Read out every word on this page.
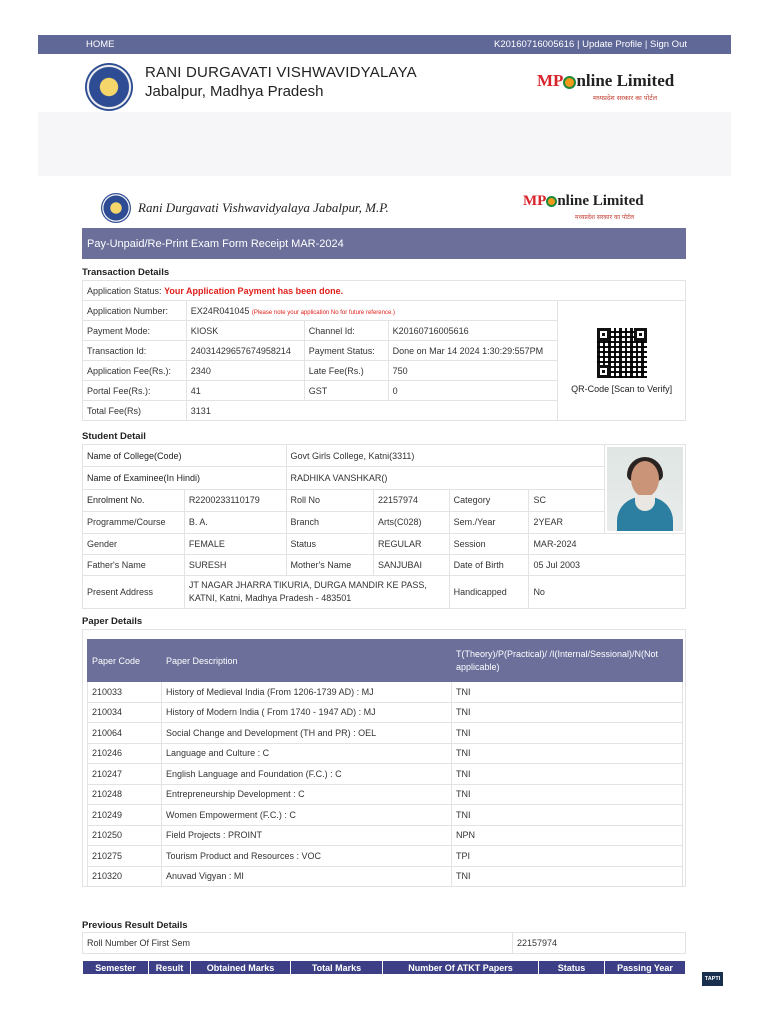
HOME	K20160716005616 | Update Profile | Sign Out
RANI DURGAVATI VISHWAVIDYALAYA
Jabalpur, Madhya Pradesh
MP nline Limited
मध्यप्रदेश सरकार का पोर्टल
Rani Durgavati Vishwavidyalaya Jabalpur, M.P.	MP nline Limited
मध्यप्रदेश सरकार का पोर्टल
Pay-Unpaid/Re-Print Exam Form Receipt MAR-2024
Transaction Details
Application Status: Your Application Payment has been done.				
Application Number:	EX24R041045 (Please note your application No for future reference.)			QR-Code [Scan to Verify]

Payment Mode:	KIOSK	Channel Id:	K20160716005616	
Transaction Id:	24031429657674958214	Payment Status:	Done on Mar 14 2024 1:30:29:557PM	
Application Fee(Rs.):	2340	Late Fee(Rs.)	750	
Portal Fee(Rs.):	41	GST	0	
Total Fee(Rs)	3131			
Student Detail
Name of College(Code)		Govt Girls College, Katni(3311)				

Name of Examinee(In Hindi)		RADHIKA VANSHKAR()				
Enrolment No.	R2200233110179	Roll No	22157974	Category	SC	
Programme/Course	B. A.	Branch	Arts(C028)	Sem./Year	2YEAR	
Gender	FEMALE	Status	REGULAR	Session	MAR-2024	
Father's Name	SURESH	Mother's Name	SANJUBAI	Date of Birth	05 Jul 2003	
Present Address	JT NAGAR JHARRA TIKURIA, DURGA MANDIR KE PASS, KATNI, Katni, Madhya Pradesh - 483501			Handicapped	No	
Paper Details
Paper Code	Paper Description	T(Theory)/P(Practical)/ /I(Internal/Sessional)/N(Not applicable)
210033	History of Medieval India (From 1206-1739 AD) : MJ	TNI
210034	History of Modern India ( From 1740 - 1947 AD) : MJ	TNI
210064	Social Change and Development (TH and PR) : OEL	TNI
210246	Language and Culture : C	TNI
210247	English Language and Foundation (F.C.) : C	TNI
210248	Entrepreneurship Development : C	TNI
210249	Women Empowerment (F.C.) : C	TNI
210250	Field Projects : PROINT	NPN
210275	Tourism Product and Resources : VOC	TPI
210320	Anuvad Vigyan : MI	TNI
Previous Result Details
Roll Number Of First Sem	22157974
Semester	Result	Obtained Marks	Total Marks	Number Of ATKT Papers	Status	Passing Year
TAPTI
